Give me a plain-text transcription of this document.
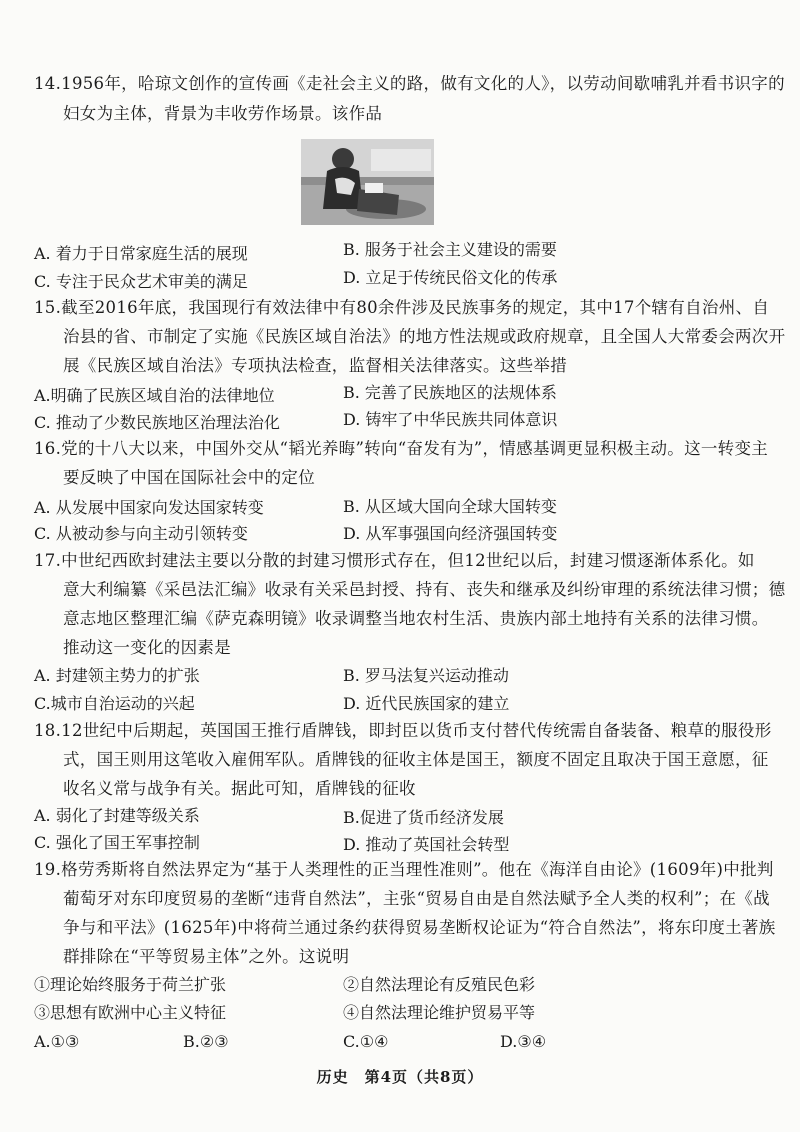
14.1956年，哈琼文创作的宣传画《走社会主义的路，做有文化的人》，以劳动间歇哺乳并看书识字的
妇女为主体，背景为丰收劳作场景。该作品
A. 着力于日常家庭生活的展现	B. 服务于社会主义建设的需要
C. 专注于民众艺术审美的满足	D. 立足于传统民俗文化的传承
15.截至2016年底，我国现行有效法律中有80余件涉及民族事务的规定，其中17个辖有自治州、自
治县的省、市制定了实施《民族区域自治法》的地方性法规或政府规章，且全国人大常委会两次开
展《民族区域自治法》专项执法检查，监督相关法律落实。这些举措
A.明确了民族区域自治的法律地位	B. 完善了民族地区的法规体系
C. 推动了少数民族地区治理法治化	D. 铸牢了中华民族共同体意识
16.党的十八大以来，中国外交从“韬光养晦”转向“奋发有为”，情感基调更显积极主动。这一转变主
要反映了中国在国际社会中的定位
A. 从发展中国家向发达国家转变	B. 从区域大国向全球大国转变
C. 从被动参与向主动引领转变	D. 从军事强国向经济强国转变
17.中世纪西欧封建法主要以分散的封建习惯形式存在，但12世纪以后，封建习惯逐渐体系化。如
意大利编纂《采邑法汇编》收录有关采邑封授、持有、丧失和继承及纠纷审理的系统法律习惯；德
意志地区整理汇编《萨克森明镜》收录调整当地农村生活、贵族内部土地持有关系的法律习惯。
推动这一变化的因素是
A. 封建领主势力的扩张	B. 罗马法复兴运动推动
C.城市自治运动的兴起	D. 近代民族国家的建立
18.12世纪中后期起，英国国王推行盾牌钱，即封臣以货币支付替代传统需自备装备、粮草的服役形
式，国王则用这笔收入雇佣军队。盾牌钱的征收主体是国王，额度不固定且取决于国王意愿，征
收名义常与战争有关。据此可知，盾牌钱的征收
A. 弱化了封建等级关系	B.促进了货币经济发展
C. 强化了国王军事控制	D. 推动了英国社会转型
19.格劳秀斯将自然法界定为“基于人类理性的正当理性准则”。他在《海洋自由论》(1609年)中批判
葡萄牙对东印度贸易的垄断“违背自然法”，主张“贸易自由是自然法赋予全人类的权利”；在《战
争与和平法》(1625年)中将荷兰通过条约获得贸易垄断权论证为“符合自然法”，将东印度土著族
群排除在“平等贸易主体”之外。这说明
①理论始终服务于荷兰扩张	②自然法理论有反殖民色彩
③思想有欧洲中心主义特征	④自然法理论维护贸易平等
A.①③	B.②③	C.①④	D.③④
历史　第4页（共8页）
